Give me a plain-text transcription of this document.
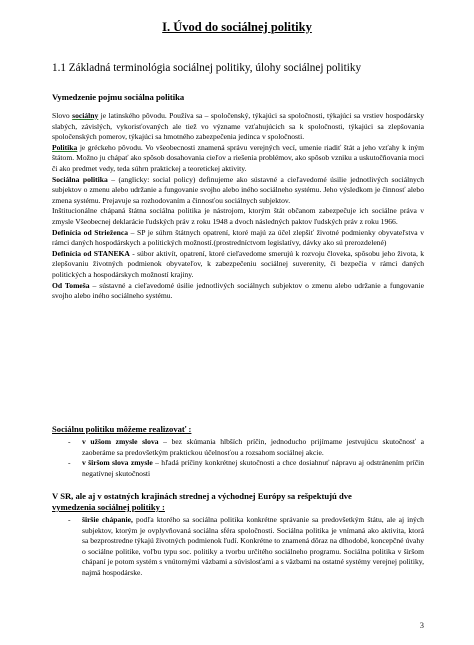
I. Úvod do sociálnej politiky
1.1 Základná terminológia sociálnej politiky, úlohy sociálnej politiky
Vymedzenie pojmu sociálna politika
Slovo sociálny je latinského pôvodu. Používa sa – spoločenský, týkajúci sa spoločnosti, týkajúci sa vrstiev hospodársky slabých, závislých, vykorisťovaných ale tiež vo význame vzťahujúcich sa k spoločnosti, týkajúci sa zlepšovania spoločenských pomerov, týkajúci sa hmotného zabezpečenia jedinca v spoločnosti.
Politika je gréckeho pôvodu. Vo všeobecnosti znamená správu verejných vecí, umenie riadiť štát a jeho vzťahy k iným štátom. Možno ju chápať ako spôsob dosahovania cieľov a riešenia problémov, ako spôsob vzniku a uskutočňovania moci či ako predmet vedy, teda súhrn praktickej a teoretickej aktivity.
Sociálna politika – (anglicky: social policy) definujeme ako sústavné a cieľavedomé úsilie jednotlivých sociálnych subjektov o zmenu alebo udržanie a fungovanie svojho alebo iného sociálneho systému. Jeho výsledkom je činnosť alebo zmena systému. Prejavuje sa rozhodovaním a činnosťou sociálnych subjektov.
Inštitucionálne chápaná štátna sociálna politika je nástrojom, ktorým štát občanom zabezpečuje ich sociálne práva v zmysle Všeobecnej deklarácie ľudských práv z roku 1948 a dvoch následných paktov ľudských práv z roku 1966.
Definícia od Strieženca – SP je súhrn štátnych opatrení, ktoré majú za účel zlepšiť životné podmienky obyvateľstva v rámci daných hospodárskych a politických možností.(prostredníctvom legislatívy, dávky ako sú prerozdelené)
Definícia od STANEKA - súbor aktivít, opatrení, ktoré cieľavedome smerujú k rozvoju človeka, spôsobu jeho života, k zlepšovaniu životných podmienok obyvateľov, k zabezpečeniu sociálnej suverenity, či bezpečia v rámci daných politických a hospodárskych možností krajiny.
Od Tomeša – sústavné a cieľavedomé úsilie jednotlivých sociálnych subjektov o zmenu alebo udržanie a fungovanie svojho alebo iného sociálneho systému.
Sociálnu politiku môžeme realizovať :
- v užšom zmysle slova – bez skúmania hlbších príčin, jednoducho prijímame jestvujúcu skutočnosť a zaoberáme sa predovšetkým praktickou účelnosťou a rozsahom sociálnej akcie.
- v širšom slova zmysle – hľadá príčiny konkrétnej skutočnosti a chce dosiahnuť nápravu aj odstránením príčin negatívnej skutočnosti
V SR, ale aj v ostatných krajinách strednej a východnej Európy sa rešpektujú dve
vymedzenia sociálnej politiky :
- širšie chápanie, podľa ktorého sa sociálna politika konkrétne správanie sa predovšetkým štátu, ale aj iných subjektov, ktorým je ovplyvňovaná sociálna sféra spoločnosti. Sociálna politika je vnímaná ako aktivita, ktorá sa bezprostredne týkajú životných podmienok ľudí. Konkrétne to znamená dôraz na dlhodobé, koncepčné úvahy o sociálne politike, voľbu typu soc. politiky a tvorbu určitého sociálneho programu. Sociálna politika v širšom chápaní je potom systém s vnútornými väzbami a súvislosťami a s väzbami na ostatné systémy verejnej politiky, najmä hospodárske.
3
